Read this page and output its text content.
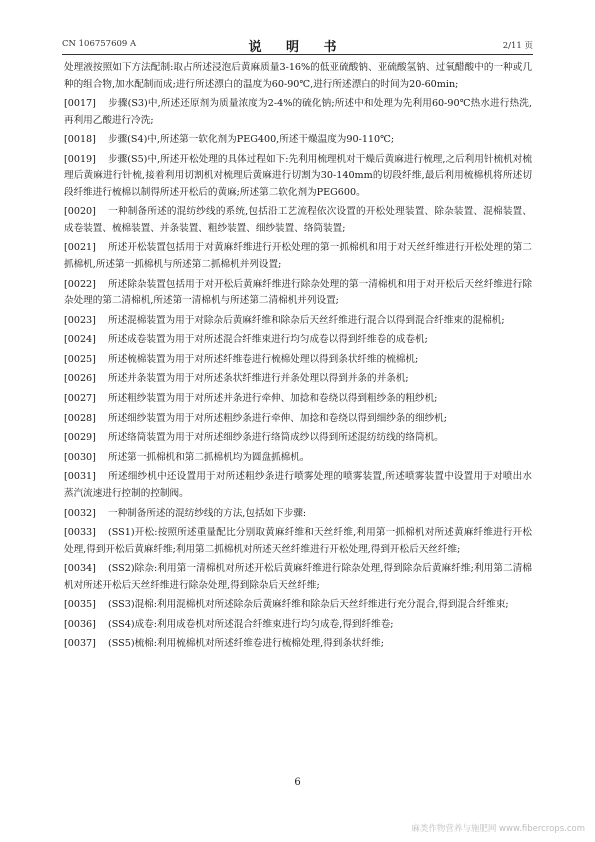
CN 106757609 A	说 明 书	2/11 页

处理液按照如下方法配制:取占所述浸泡后黄麻质量3-16%的低亚硫酸钠、亚硫酸氢钠、过氧醋酸中的一种或几种的组合物,加水配制而成;进行所述漂白的温度为60-90℃,进行所述漂白的时间为20-60min;

[0017] 步骤(S3)中,所述还原剂为质量浓度为2-4%的硫化钠;所述中和处理为先利用60-90℃热水进行热洗,再利用乙酸进行冷洗;

[0018] 步骤(S4)中,所述第一软化剂为PEG400,所述干燥温度为90-110℃;

[0019] 步骤(S5)中,所述开松处理的具体过程如下:先利用梳理机对干燥后黄麻进行梳理,之后利用针梳机对梳理后黄麻进行针梳,接着利用切割机对梳理后黄麻进行切割为30-140mm的切段纤维,最后利用梳棉机将所述切段纤维进行梳棉以制得所述开松后的黄麻;所述第二软化剂为PEG600。

[0020] 一种制备所述的混纺纱线的系统,包括沿工艺流程依次设置的开松处理装置、除杂装置、混棉装置、成卷装置、梳棉装置、并条装置、粗纱装置、细纱装置、络筒装置;

[0021] 所述开松装置包括用于对黄麻纤维进行开松处理的第一抓棉机和用于对天丝纤维进行开松处理的第二抓棉机,所述第一抓棉机与所述第二抓棉机并列设置;

[0022] 所述除杂装置包括用于对开松后黄麻纤维进行除杂处理的第一清棉机和用于对开松后天丝纤维进行除杂处理的第二清棉机,所述第一清棉机与所述第二清棉机并列设置;

[0023] 所述混棉装置为用于对除杂后黄麻纤维和除杂后天丝纤维进行混合以得到混合纤维束的混棉机;

[0024] 所述成卷装置为用于对所述混合纤维束进行均匀成卷以得到纤维卷的成卷机;

[0025] 所述梳棉装置为用于对所述纤维卷进行梳棉处理以得到条状纤维的梳棉机;

[0026] 所述并条装置为用于对所述条状纤维进行并条处理以得到并条的并条机;

[0027] 所述粗纱装置为用于对所述并条进行牵伸、加捻和卷绕以得到粗纱条的粗纱机;

[0028] 所述细纱装置为用于对所述粗纱条进行牵伸、加捻和卷绕以得到细纱条的细纱机;

[0029] 所述络筒装置为用于对所述细纱条进行络筒成纱以得到所述混纺纺线的络筒机。

[0030] 所述第一抓棉机和第二抓棉机均为圆盘抓棉机。

[0031] 所述细纱机中还设置用于对所述粗纱条进行喷雾处理的喷雾装置,所述喷雾装置中设置用于对喷出水蒸汽流速进行控制的控制阀。

[0032] 一种制备所述的混纺纱线的方法,包括如下步骤:

[0033] (SS1)开松:按照所述重量配比分别取黄麻纤维和天丝纤维,利用第一抓棉机对所述黄麻纤维进行开松处理,得到开松后黄麻纤维;利用第二抓棉机对所述天丝纤维进行开松处理,得到开松后天丝纤维;

[0034] (SS2)除杂:利用第一清棉机对所述开松后黄麻纤维进行除杂处理,得到除杂后黄麻纤维;利用第二清棉机对所述开松后天丝纤维进行除杂处理,得到除杂后天丝纤维;

[0035] (SS3)混棉:利用混棉机对所述除杂后黄麻纤维和除杂后天丝纤维进行充分混合,得到混合纤维束;

[0036] (SS4)成卷:利用成卷机对所述混合纤维束进行均匀成卷,得到纤维卷;

[0037] (SS5)梳棉:利用梳棉机对所述纤维卷进行梳棉处理,得到条状纤维;

6
麻类作物营养与施肥网 www.fibercrops.com
